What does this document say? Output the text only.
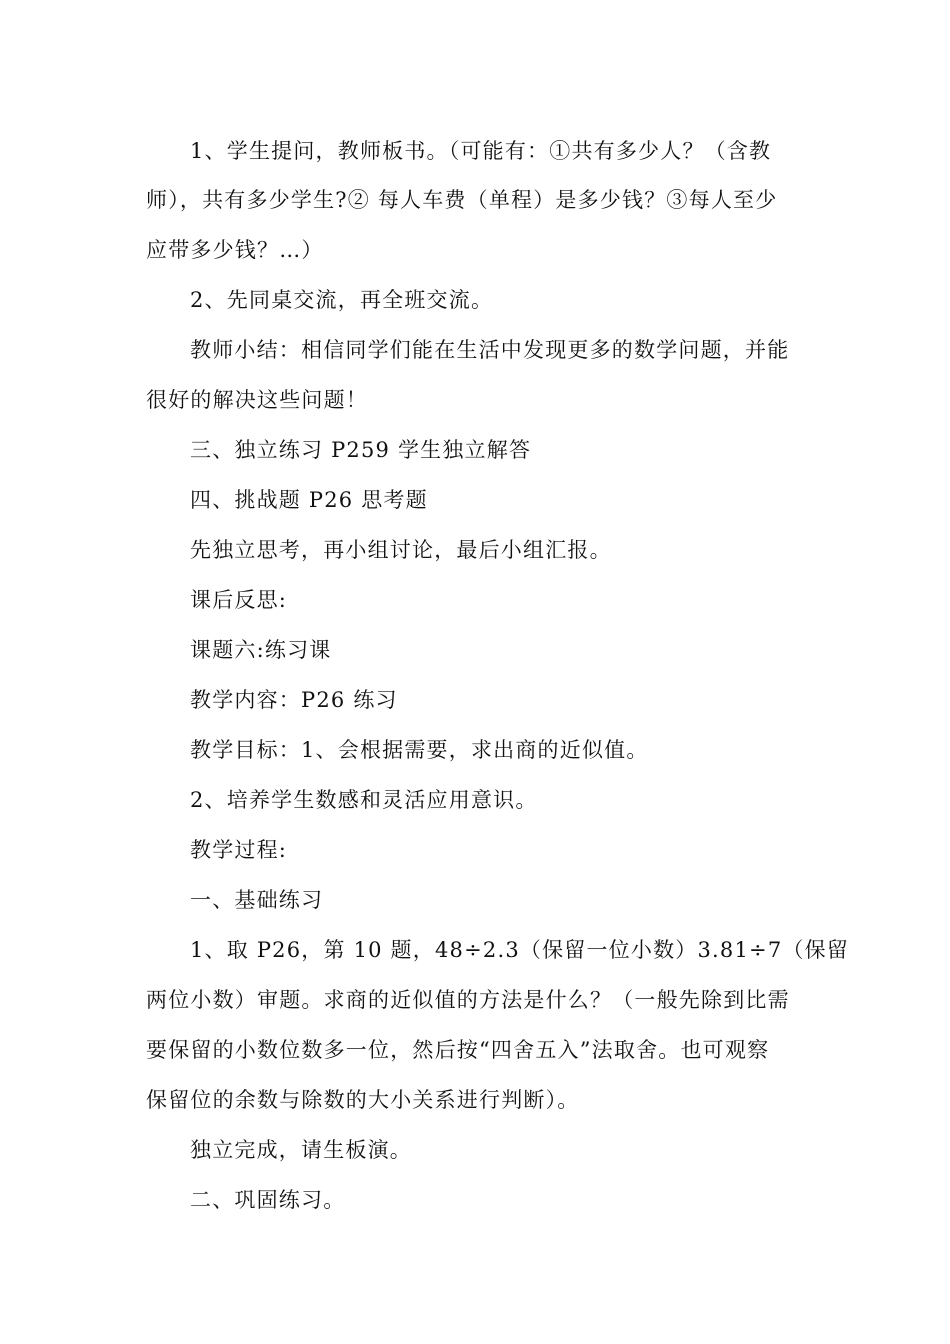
1、学生提问，教师板书。（可能有：①共有多少人？（含教
师），共有多少学生?② 每人车费（单程）是多少钱？③每人至少
应带多少钱？…）
2、先同桌交流，再全班交流。
教师小结：相信同学们能在生活中发现更多的数学问题，并能
很好的解决这些问题！
三、独立练习 P259 学生独立解答
四、挑战题 P26 思考题
先独立思考，再小组讨论，最后小组汇报。
课后反思:
课题六:练习课
教学内容：P26 练习
教学目标：1、会根据需要，求出商的近似值。
2、培养学生数感和灵活应用意识。
教学过程:
一、基础练习
1、取 P26，第 10 题，48÷2.3（保留一位小数）3.81÷7（保留
两位小数）审题。求商的近似值的方法是什么？（一般先除到比需
要保留的小数位数多一位，然后按“四舍五入”法取舍。也可观察
保留位的余数与除数的大小关系进行判断）。
独立完成，请生板演。
二、巩固练习。
